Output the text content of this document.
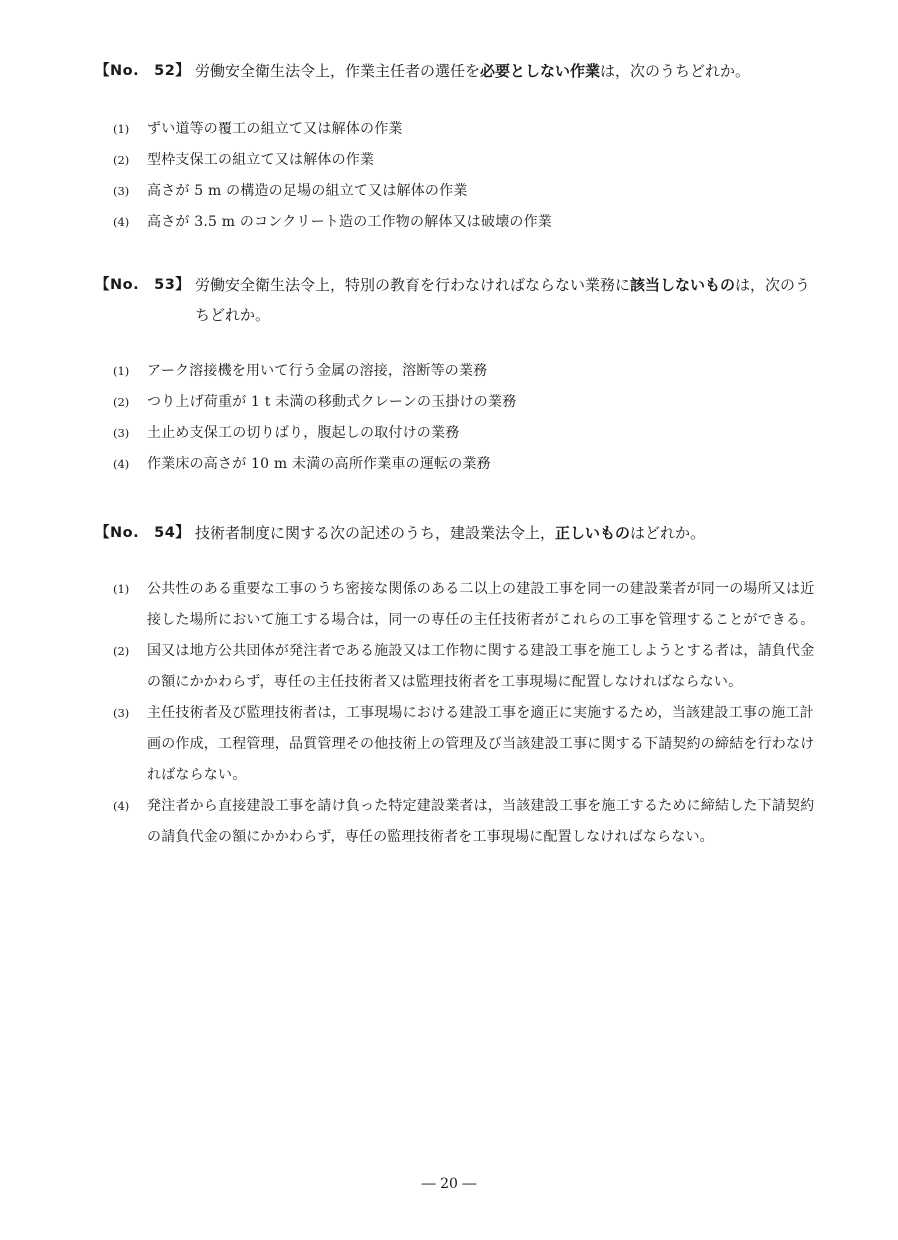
【No.　52】 労働安全衛生法令上，作業主任者の選任を必要としない作業は，次のうちどれか。
(1)	ずい道等の覆工の組立て又は解体の作業
(2)	型枠支保工の組立て又は解体の作業
(3)	高さが 5 m の構造の足場の組立て又は解体の作業
(4)	高さが 3.5 m のコンクリート造の工作物の解体又は破壊の作業
【No.　53】 労働安全衛生法令上，特別の教育を行わなければならない業務に該当しないものは，次のうちどれか。
(1)	アーク溶接機を用いて行う金属の溶接，溶断等の業務
(2)	つり上げ荷重が 1 t 未満の移動式クレーンの玉掛けの業務
(3)	土止め支保工の切りばり，腹起しの取付けの業務
(4)	作業床の高さが 10 m 未満の高所作業車の運転の業務
【No.　54】 技術者制度に関する次の記述のうち，建設業法令上，正しいものはどれか。
(1)	公共性のある重要な工事のうち密接な関係のある二以上の建設工事を同一の建設業者が同一の場所又は近接した場所において施工する場合は，同一の専任の主任技術者がこれらの工事を管理することができる。
(2)	国又は地方公共団体が発注者である施設又は工作物に関する建設工事を施工しようとする者は，請負代金の額にかかわらず，専任の主任技術者又は監理技術者を工事現場に配置しなければならない。
(3)	主任技術者及び監理技術者は，工事現場における建設工事を適正に実施するため，当該建設工事の施工計画の作成，工程管理，品質管理その他技術上の管理及び当該建設工事に関する下請契約の締結を行わなければならない。
(4)	発注者から直接建設工事を請け負った特定建設業者は，当該建設工事を施工するために締結した下請契約の請負代金の額にかかわらず，専任の監理技術者を工事現場に配置しなければならない。
― 20 ―
